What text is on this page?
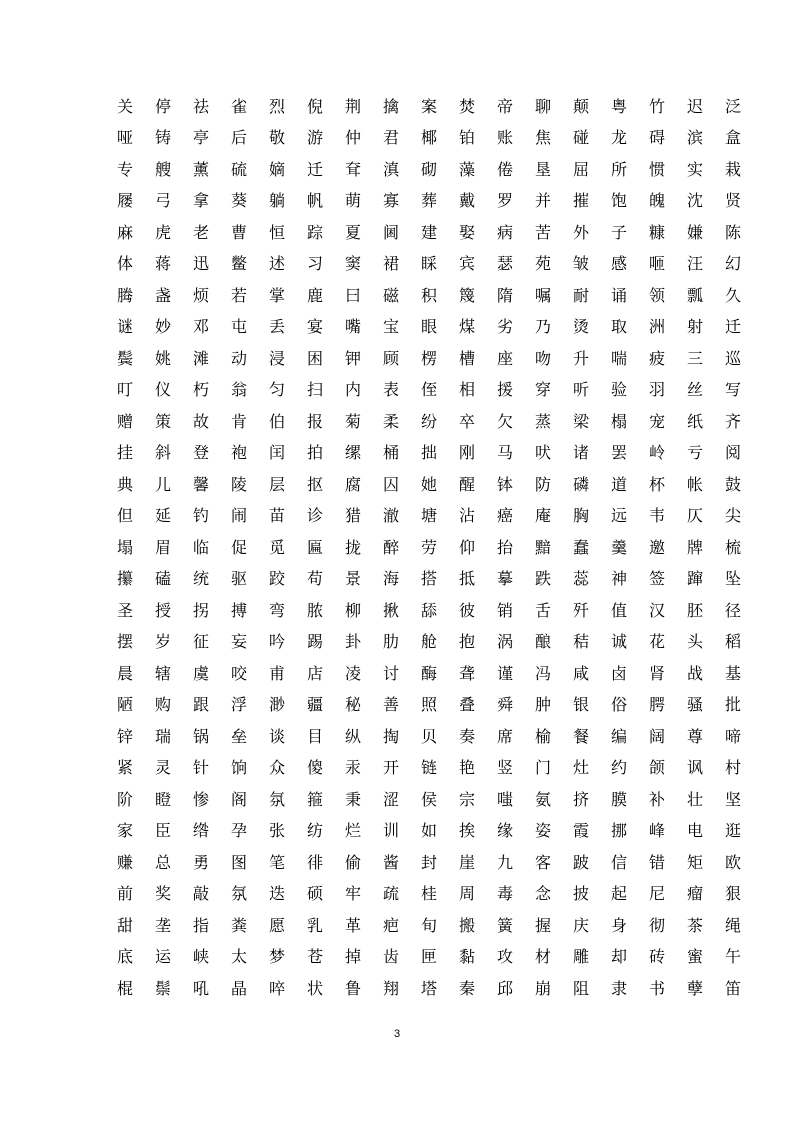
关	停	祛	雀	烈	倪	荆	擒	案	焚	帝	聊	颠	粤	竹	迟	泛
哑	铸	亭	后	敬	游	仲	君	椰	铂	账	焦	碰	龙	碍	滨	盒
专	艘	薰	硫	嫡	迁	耷	滇	砌	藻	倦	垦	屈	所	惯	实	栽
屦	弓	拿	葵	躺	帆	萌	寡	葬	戴	罗	并	摧	饱	魄	沈	贤
麻	虎	老	曹	恒	踪	夏	阃	建	娶	病	苦	外	子	糠	嫌	陈
体	蒋	迅	鳖	述	习	窦	裙	睬	宾	瑟	苑	皱	感	咂	汪	幻
腾	盏	烦	若	掌	鹿	曰	磁	积	篾	隋	嘱	耐	诵	领	瓢	久
谜	妙	邓	屯	丢	宴	嘴	宝	眼	煤	劣	乃	烫	取	洲	射	迁
鬓	姚	滩	动	浸	困	钾	顾	楞	槽	座	吻	升	喘	疲	三	巡
叮	仪	朽	翁	匀	扫	内	表	侄	相	援	穿	听	验	羽	丝	写
赠	策	故	肯	伯	报	菊	柔	纷	卒	欠	蒸	梁	榻	宠	纸	齐
挂	斜	登	袍	闰	拍	缧	桶	拙	刚	马	吠	诸	罢	岭	亏	阅
典	儿	馨	陵	层	抠	腐	囚	她	醒	钵	防	磷	道	杯	帐	鼓
但	延	钓	闹	苗	诊	猎	澈	塘	沾	癌	庵	胸	远	韦	仄	尖
塌	眉	临	促	觅	匾	拢	醉	劳	仰	抬	黯	蠢	羹	邀	牌	梳
攥	磕	统	驱	跤	苟	景	海	搭	抵	摹	跌	蕊	神	签	蹿	坠
圣	授	拐	搏	弯	脓	柳	揪	舔	彼	销	舌	歼	值	汉	胚	径
摆	岁	征	妄	吟	踢	卦	肋	舱	抱	涡	酿	秸	诚	花	头	稻
晨	辖	虞	咬	甫	店	凌	讨	酶	聋	谨	冯	咸	卤	肾	战	基
陋	购	跟	浮	渺	疆	秘	善	照	叠	舜	肿	银	俗	腭	骚	批
锌	瑞	锅	垒	谈	目	纵	掏	贝	奏	席	榆	餐	编	阔	尊	啼
紧	灵	针	饷	众	傻	汞	开	链	艳	竖	门	灶	约	颌	讽	村
阶	瞪	惨	阁	氛	箍	秉	涩	侯	宗	嗤	氨	挤	膜	补	壮	坚
家	臣	绺	孕	张	纺	烂	训	如	挨	缘	姿	霞	挪	峰	电	逛
赚	总	勇	图	笔	徘	偷	酱	封	崖	九	客	跛	信	错	矩	欧
前	奖	敲	氛	迭	硕	牢	疏	桂	周	毒	念	披	起	尼	瘤	狠
甜	垄	指	粪	愿	乳	革	疤	旬	搬	簧	握	庆	身	彻	茶	绳
底	运	峡	太	梦	苍	掉	齿	匣	黏	攻	材	雕	却	砖	蜜	午
棍	鬃	吼	晶	啐	状	鲁	翔	塔	秦	邱	崩	阻	隶	书	孽	笛
3
